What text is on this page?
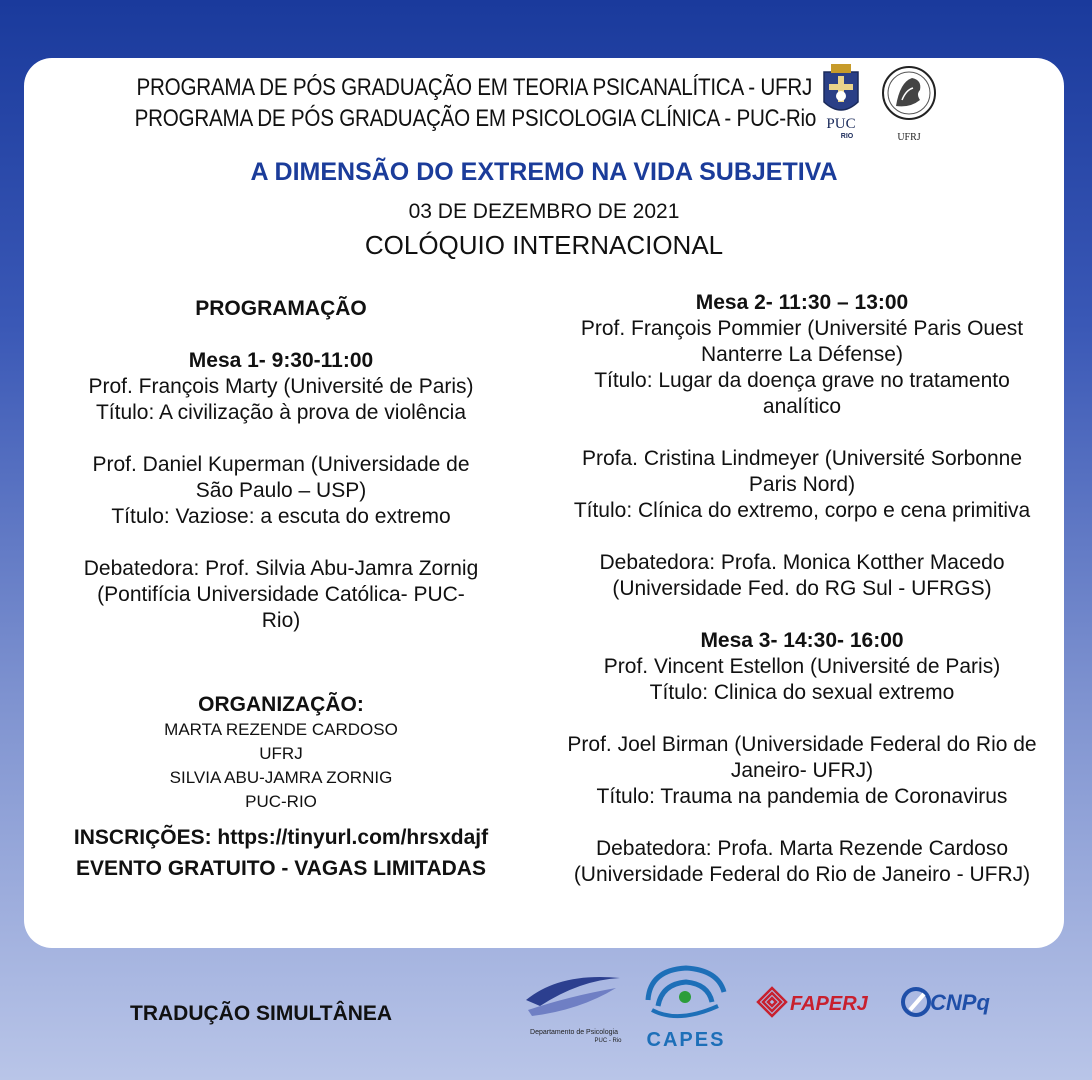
PROGRAMA DE PÓS GRADUAÇÃO EM TEORIA PSICANALÍTICA - UFRJ
PROGRAMA DE PÓS GRADUAÇÃO EM PSICOLOGIA CLÍNICA - PUC-Rio PUC
RIO	UFRJ
A DIMENSÃO DO EXTREMO NA VIDA SUBJETIVA
03 DE DEZEMBRO DE 2021
COLÓQUIO INTERNACIONAL
PROGRAMAÇÃO
Mesa 1- 9:30-11:00
Prof. François Marty (Université de Paris)
Título: A civilização à prova de violência
Prof. Daniel Kuperman (Universidade de
São Paulo – USP)
Título: Vaziose: a escuta do extremo
Debatedora: Prof. Silvia Abu-Jamra Zornig
(Pontifícia Universidade Católica- PUC-
Rio)
ORGANIZAÇÃO:
MARTA REZENDE CARDOSO
UFRJ
SILVIA ABU-JAMRA ZORNIG
PUC-RIO
INSCRIÇÕES: https://tinyurl.com/hrsxdajf
EVENTO GRATUITO - VAGAS LIMITADAS
Mesa 2- 11:30 – 13:00
Prof. François Pommier (Université Paris Ouest
Nanterre La Défense)
Título: Lugar da doença grave no tratamento
analítico
Profa. Cristina Lindmeyer (Université Sorbonne
Paris Nord)
Título: Clínica do extremo, corpo e cena primitiva
Debatedora: Profa. Monica Kotther Macedo
(Universidade Fed. do RG Sul - UFRGS)
Mesa 3- 14:30- 16:00
Prof. Vincent Estellon (Université de Paris)
Título: Clinica do sexual extremo
Prof. Joel Birman (Universidade Federal do Rio de
Janeiro- UFRJ)
Título: Trauma na pandemia de Coronavirus
Debatedora: Profa. Marta Rezende Cardoso
(Universidade Federal do Rio de Janeiro - UFRJ)
TRADUÇÃO SIMULTÂNEA
Departamento de Psicologia
PUC - Rio CAPES
FAPERJ	CNPq
